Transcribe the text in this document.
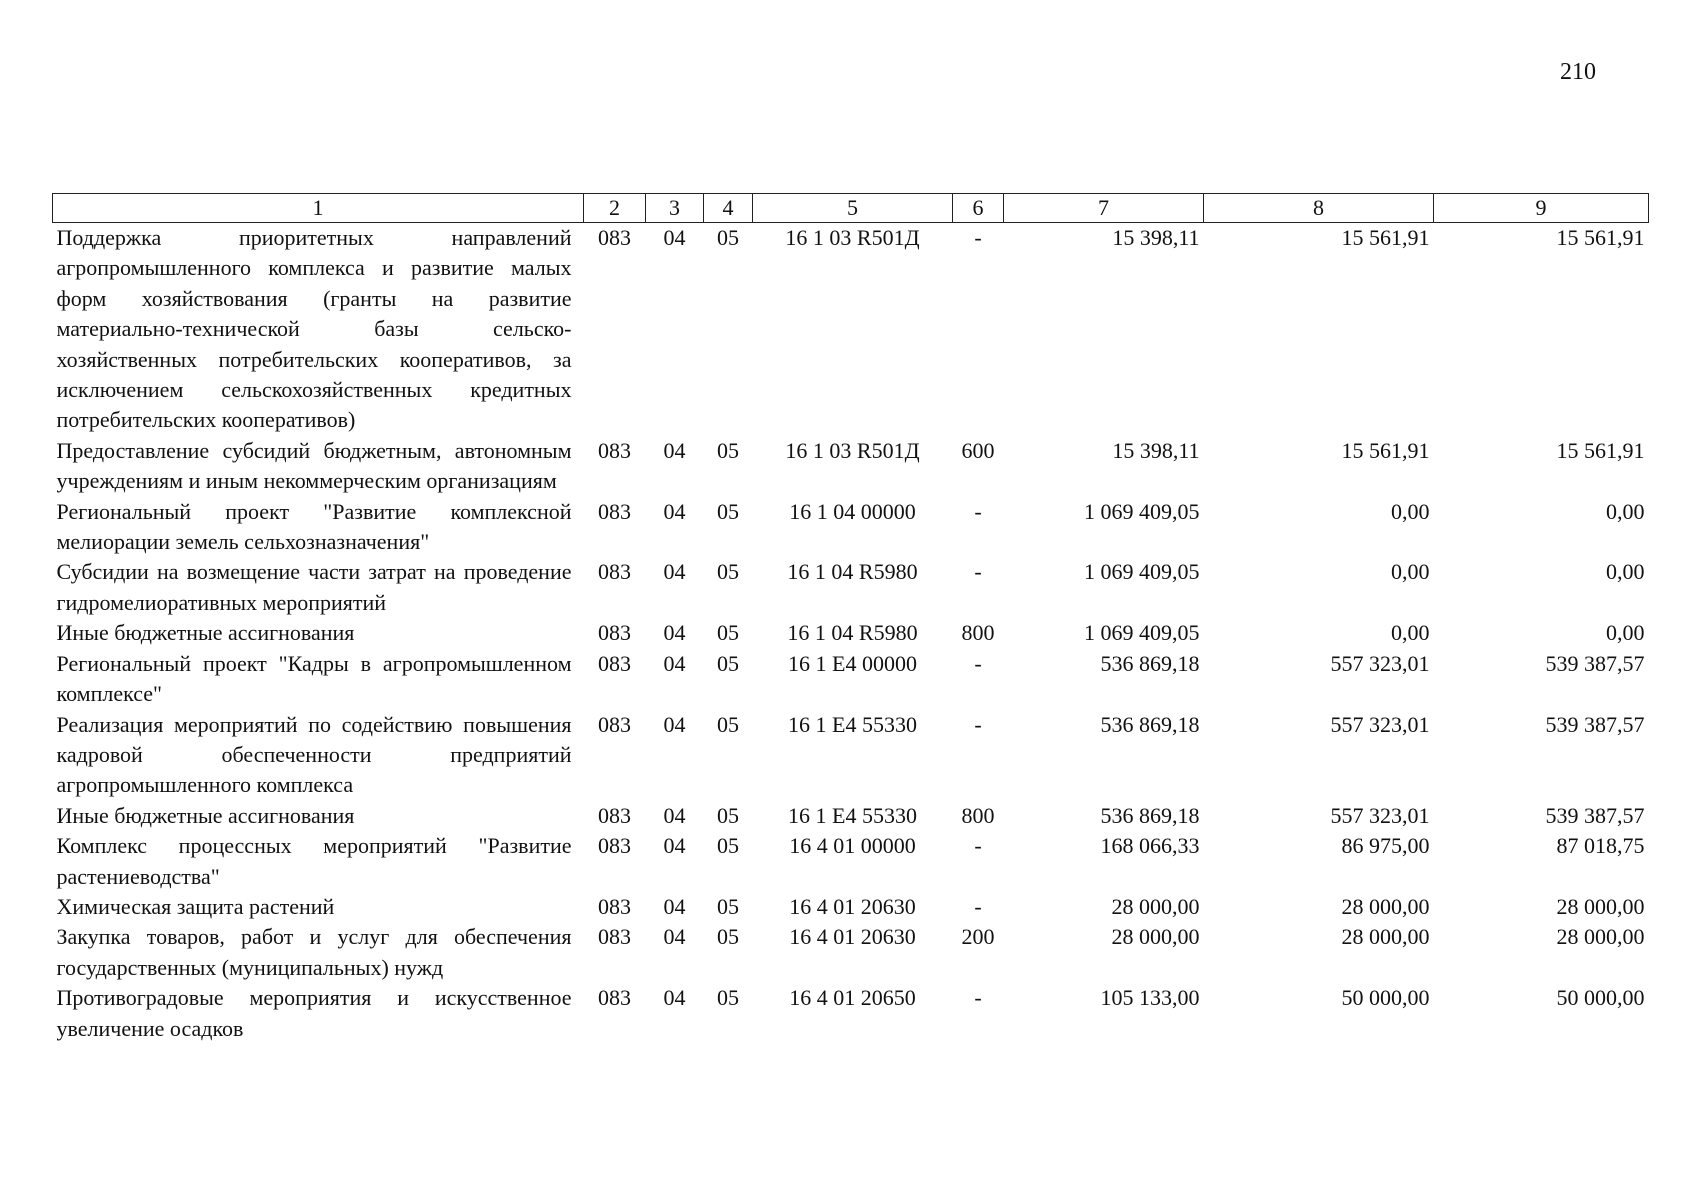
210
1	2	3	4	5	6	7	8	9
Поддержка приоритетных направлений агропромышленного комплекса и развитие малых форм хозяйствования (гранты на развитие материально-технической базы сельско-хозяйственных потребительских кооперативов, за исключением сельскохозяйственных кредитных потребительских кооперативов)	083	04	05	16 1 03 R501Д	-	15 398,11	15 561,91	15 561,91
Предоставление субсидий бюджетным, автономным учреждениям и иным некоммерческим организациям	083	04	05	16 1 03 R501Д	600	15 398,11	15 561,91	15 561,91
Региональный проект "Развитие комплексной мелиорации земель сельхозназначения"	083	04	05	16 1 04 00000	-	1 069 409,05	0,00	0,00
Субсидии на возмещение части затрат на проведение гидромелиоративных мероприятий	083	04	05	16 1 04 R5980	-	1 069 409,05	0,00	0,00
Иные бюджетные ассигнования	083	04	05	16 1 04 R5980	800	1 069 409,05	0,00	0,00
Региональный проект "Кадры в агропромышленном комплексе"	083	04	05	16 1 E4 00000	-	536 869,18	557 323,01	539 387,57
Реализация мероприятий по содействию повышения кадровой обеспеченности предприятий агропромышленного комплекса	083	04	05	16 1 E4 55330	-	536 869,18	557 323,01	539 387,57
Иные бюджетные ассигнования	083	04	05	16 1 E4 55330	800	536 869,18	557 323,01	539 387,57
Комплекс процессных мероприятий "Развитие растениеводства"	083	04	05	16 4 01 00000	-	168 066,33	86 975,00	87 018,75
Химическая защита растений	083	04	05	16 4 01 20630	-	28 000,00	28 000,00	28 000,00
Закупка товаров, работ и услуг для обеспечения государственных (муниципальных) нужд	083	04	05	16 4 01 20630	200	28 000,00	28 000,00	28 000,00
Противоградовые мероприятия и искусственное увеличение осадков	083	04	05	16 4 01 20650	-	105 133,00	50 000,00	50 000,00
